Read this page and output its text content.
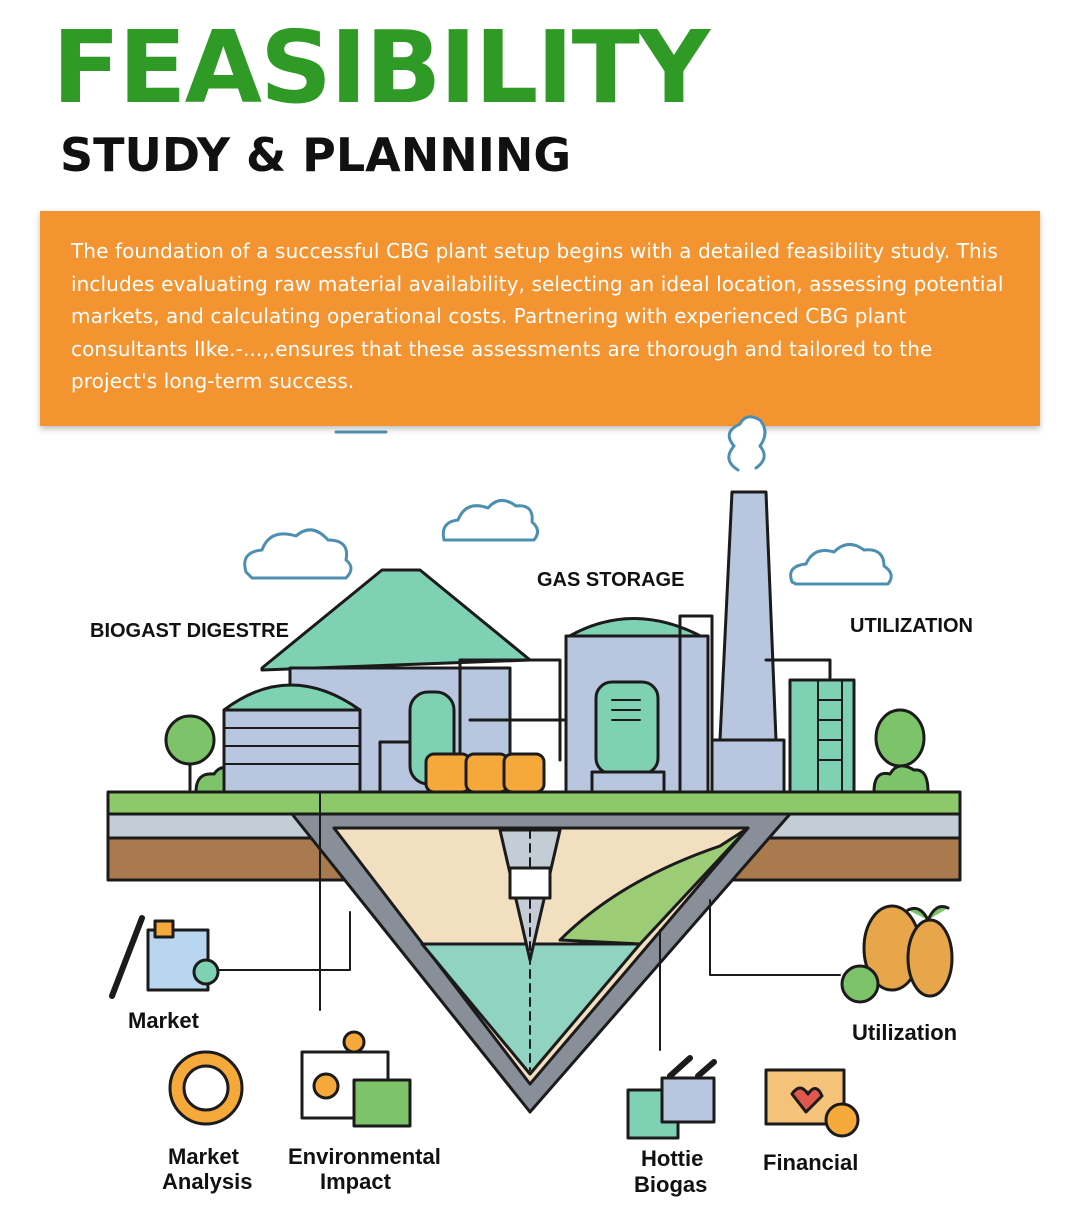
FEASIBILITY
STUDY & PLANNING

The foundation of a successful CBG plant setup begins with a detailed feasibility study. This includes evaluating raw material availability, selecting an ideal location, assessing potential markets, and calculating operational costs. Partnering with experienced CBG plant consultants lIke.-...,.ensures that these assessments are thorough and tailored to the project's long-term success.

BIOGAST DIGESTRE
GAS STORAGE
UTILIZATION
Market	Utilization
Market
Analysis
Environmental
Impact
Hottie
Biogas
Financial
